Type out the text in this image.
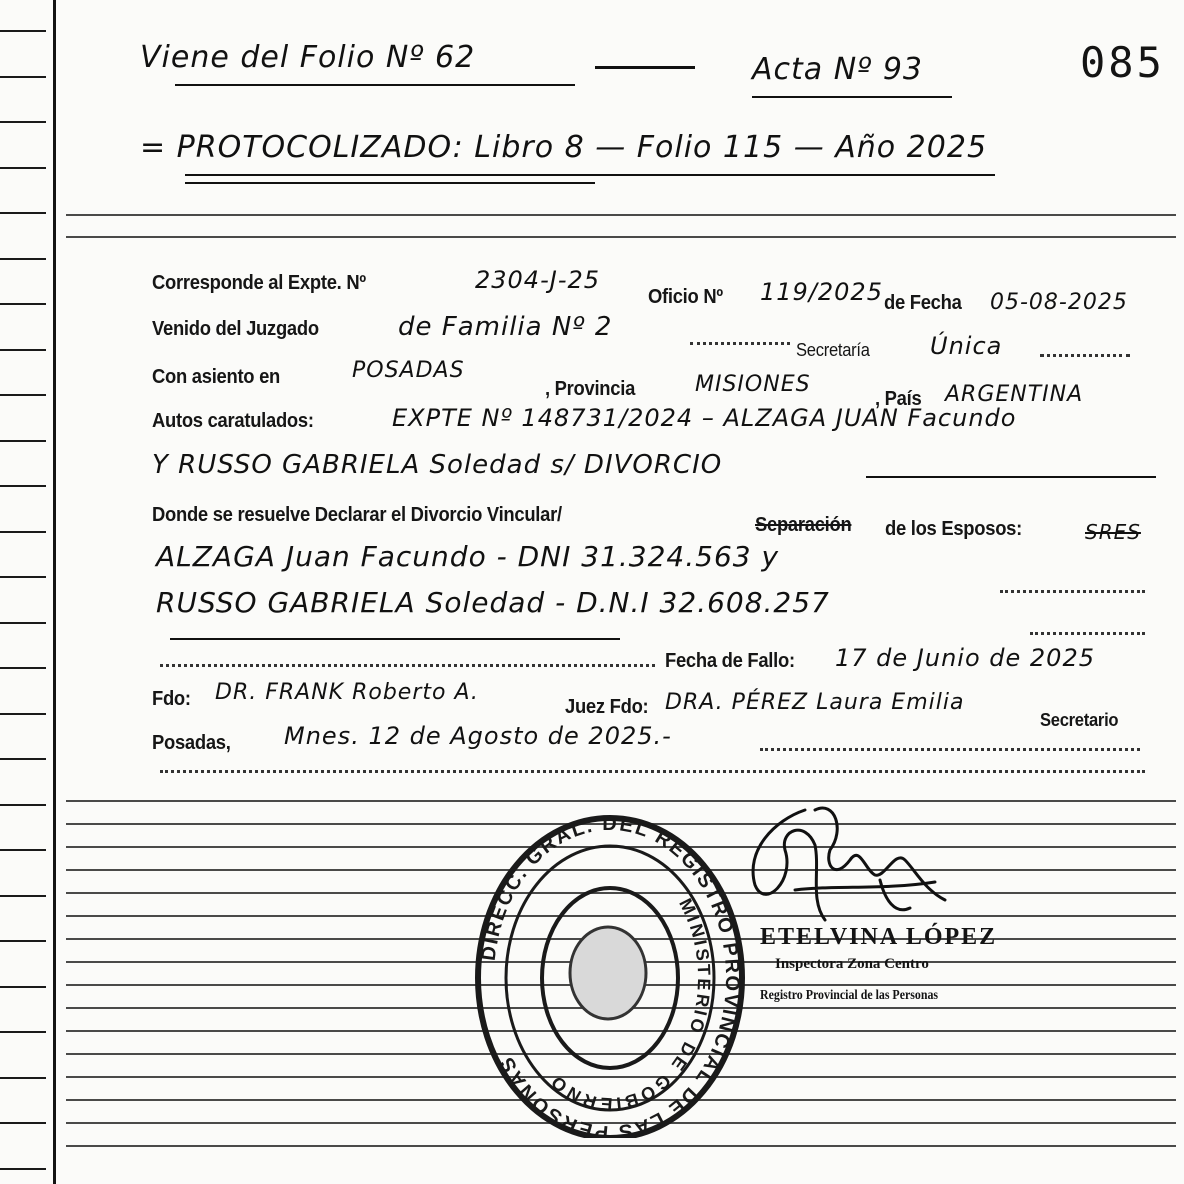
Viene del Folio Nº 62	Acta Nº 93	085
= PROTOCOLIZADO: Libro 8 — Folio 115 — Año 2025
Corresponde al Expte. Nº	2304-J-25
Oficio Nº 119/2025 de Fecha 05-08-2025
Venido del Juzgado	de Familia Nº 2
Secretaría	Única
Con asiento en	POSADAS
, Provincia	MISIONES
, País ARGENTINA
Autos caratulados:	EXPTE Nº 148731/2024 – ALZAGA JUAN Facundo
Y RUSSO GABRIELA Soledad s/ DIVORCIO
Donde se resuelve Declarar el Divorcio Vincular/	Separación de los Esposos:	SRES
ALZAGA Juan Facundo - DNI 31.324.563 y
RUSSO GABRIELA Soledad - D.N.I 32.608.257
Fecha de Fallo: 17 de Junio de 2025
Fdo: DR. FRANK Roberto A.
Juez Fdo: DRA. PÉREZ Laura Emilia
Secretario
Posadas, Mnes. 12 de Agosto de 2025.-
DIRECC. GRAL. DEL REGISTRO PROVINCIAL DE LAS PERSONAS
MINISTERIO DE GOBIERNO
ETELVINA LÓPEZ
Inspectora Zona Centro
Registro Provincial de las Personas
